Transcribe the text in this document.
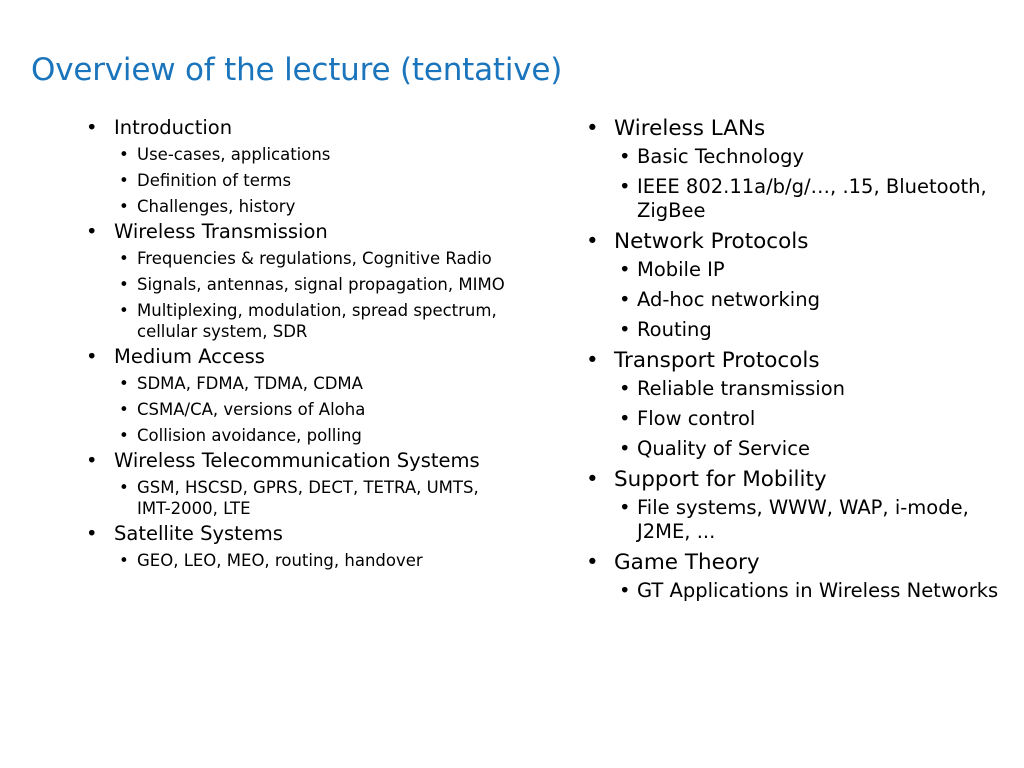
Overview of the lecture (tentative)
• Introduction
• Use-cases, applications
• Definition of terms
• Challenges, history
• Wireless Transmission
• Frequencies & regulations, Cognitive Radio
• Signals, antennas, signal propagation, MIMO
• Multiplexing, modulation, spread spectrum, cellular system, SDR
• Medium Access
• SDMA, FDMA, TDMA, CDMA
• CSMA/CA, versions of Aloha
• Collision avoidance, polling
• Wireless Telecommunication Systems
• GSM, HSCSD, GPRS, DECT, TETRA, UMTS, IMT-2000, LTE
• Satellite Systems
• GEO, LEO, MEO, routing, handover
• Wireless LANs
• Basic Technology
• IEEE 802.11a/b/g/…, .15, Bluetooth, ZigBee
• Network Protocols
• Mobile IP
• Ad-hoc networking
• Routing
• Transport Protocols
• Reliable transmission
• Flow control
• Quality of Service
• Support for Mobility
• File systems, WWW, WAP, i-mode, J2ME, ...
• Game Theory
• GT Applications in Wireless Networks
